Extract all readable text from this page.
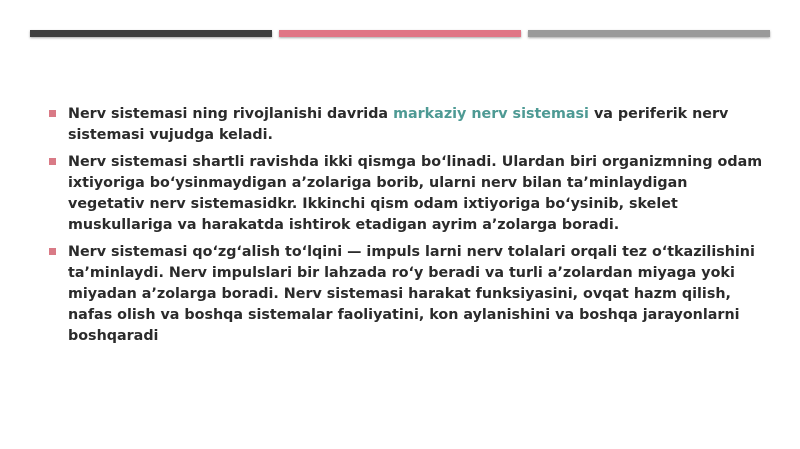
Nerv sistemasi ning rivojlanishi davrida markaziy nerv sistemasi va periferik nerv sistemasi vujudga keladi.
Nerv sistemasi shartli ravishda ikki qismga bo‘linadi. Ulardan biri organizmning odam ixtiyoriga bo‘ysinmaydigan a’zolariga borib, ularni nerv bilan ta’minlaydigan vegetativ nerv sistemasidkr. Ikkinchi qism odam ixtiyoriga bo‘ysinib, skelet muskullariga va harakatda ishtirok etadigan ayrim a’zolarga boradi.
Nerv sistemasi qo‘zg‘alish to‘lqini — impuls larni nerv tolalari orqali tez o‘tkazilishini ta’minlaydi. Nerv impulslari bir lahzada ro‘y beradi va turli a’zolardan miyaga yoki miyadan a’zolarga boradi. Nerv sistemasi harakat funksiyasini, ovqat hazm qilish, nafas olish va boshqa sistemalar faoliyatini, kon aylanishini va boshqa jarayonlarni boshqaradi
